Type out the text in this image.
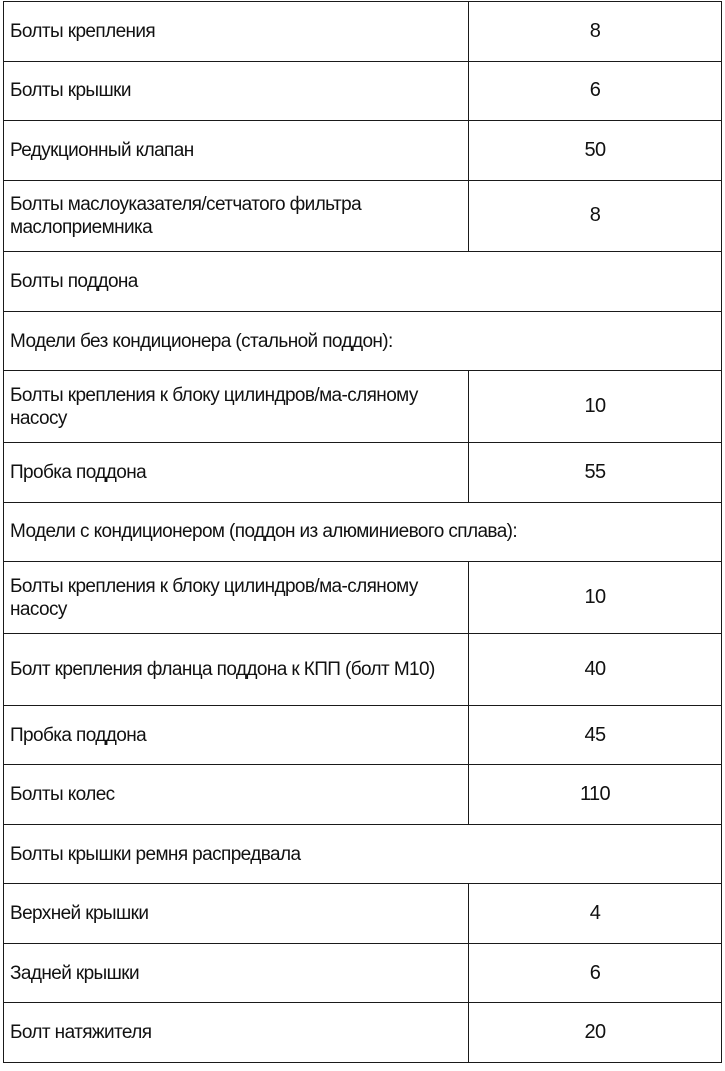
Болты крепления	8
Болты крышки	6
Редукционный клапан	50
Болты маслоуказателя/сетчатого фильтра маслоприемника	8
Болты поддона	
Модели без кондиционера (стальной поддон):	
Болты крепления к блоку цилиндров/ма-сляному насосу	10
Пробка поддона	55
Модели с кондиционером (поддон из алюминиевого сплава):	
Болты крепления к блоку цилиндров/ма-сляному насосу	10
Болт крепления фланца поддона к КПП (болт М10)	40
Пробка поддона	45
Болты колес	110
Болты крышки ремня распредвала	
Верхней крышки	4
Задней крышки	6
Болт натяжителя	20
